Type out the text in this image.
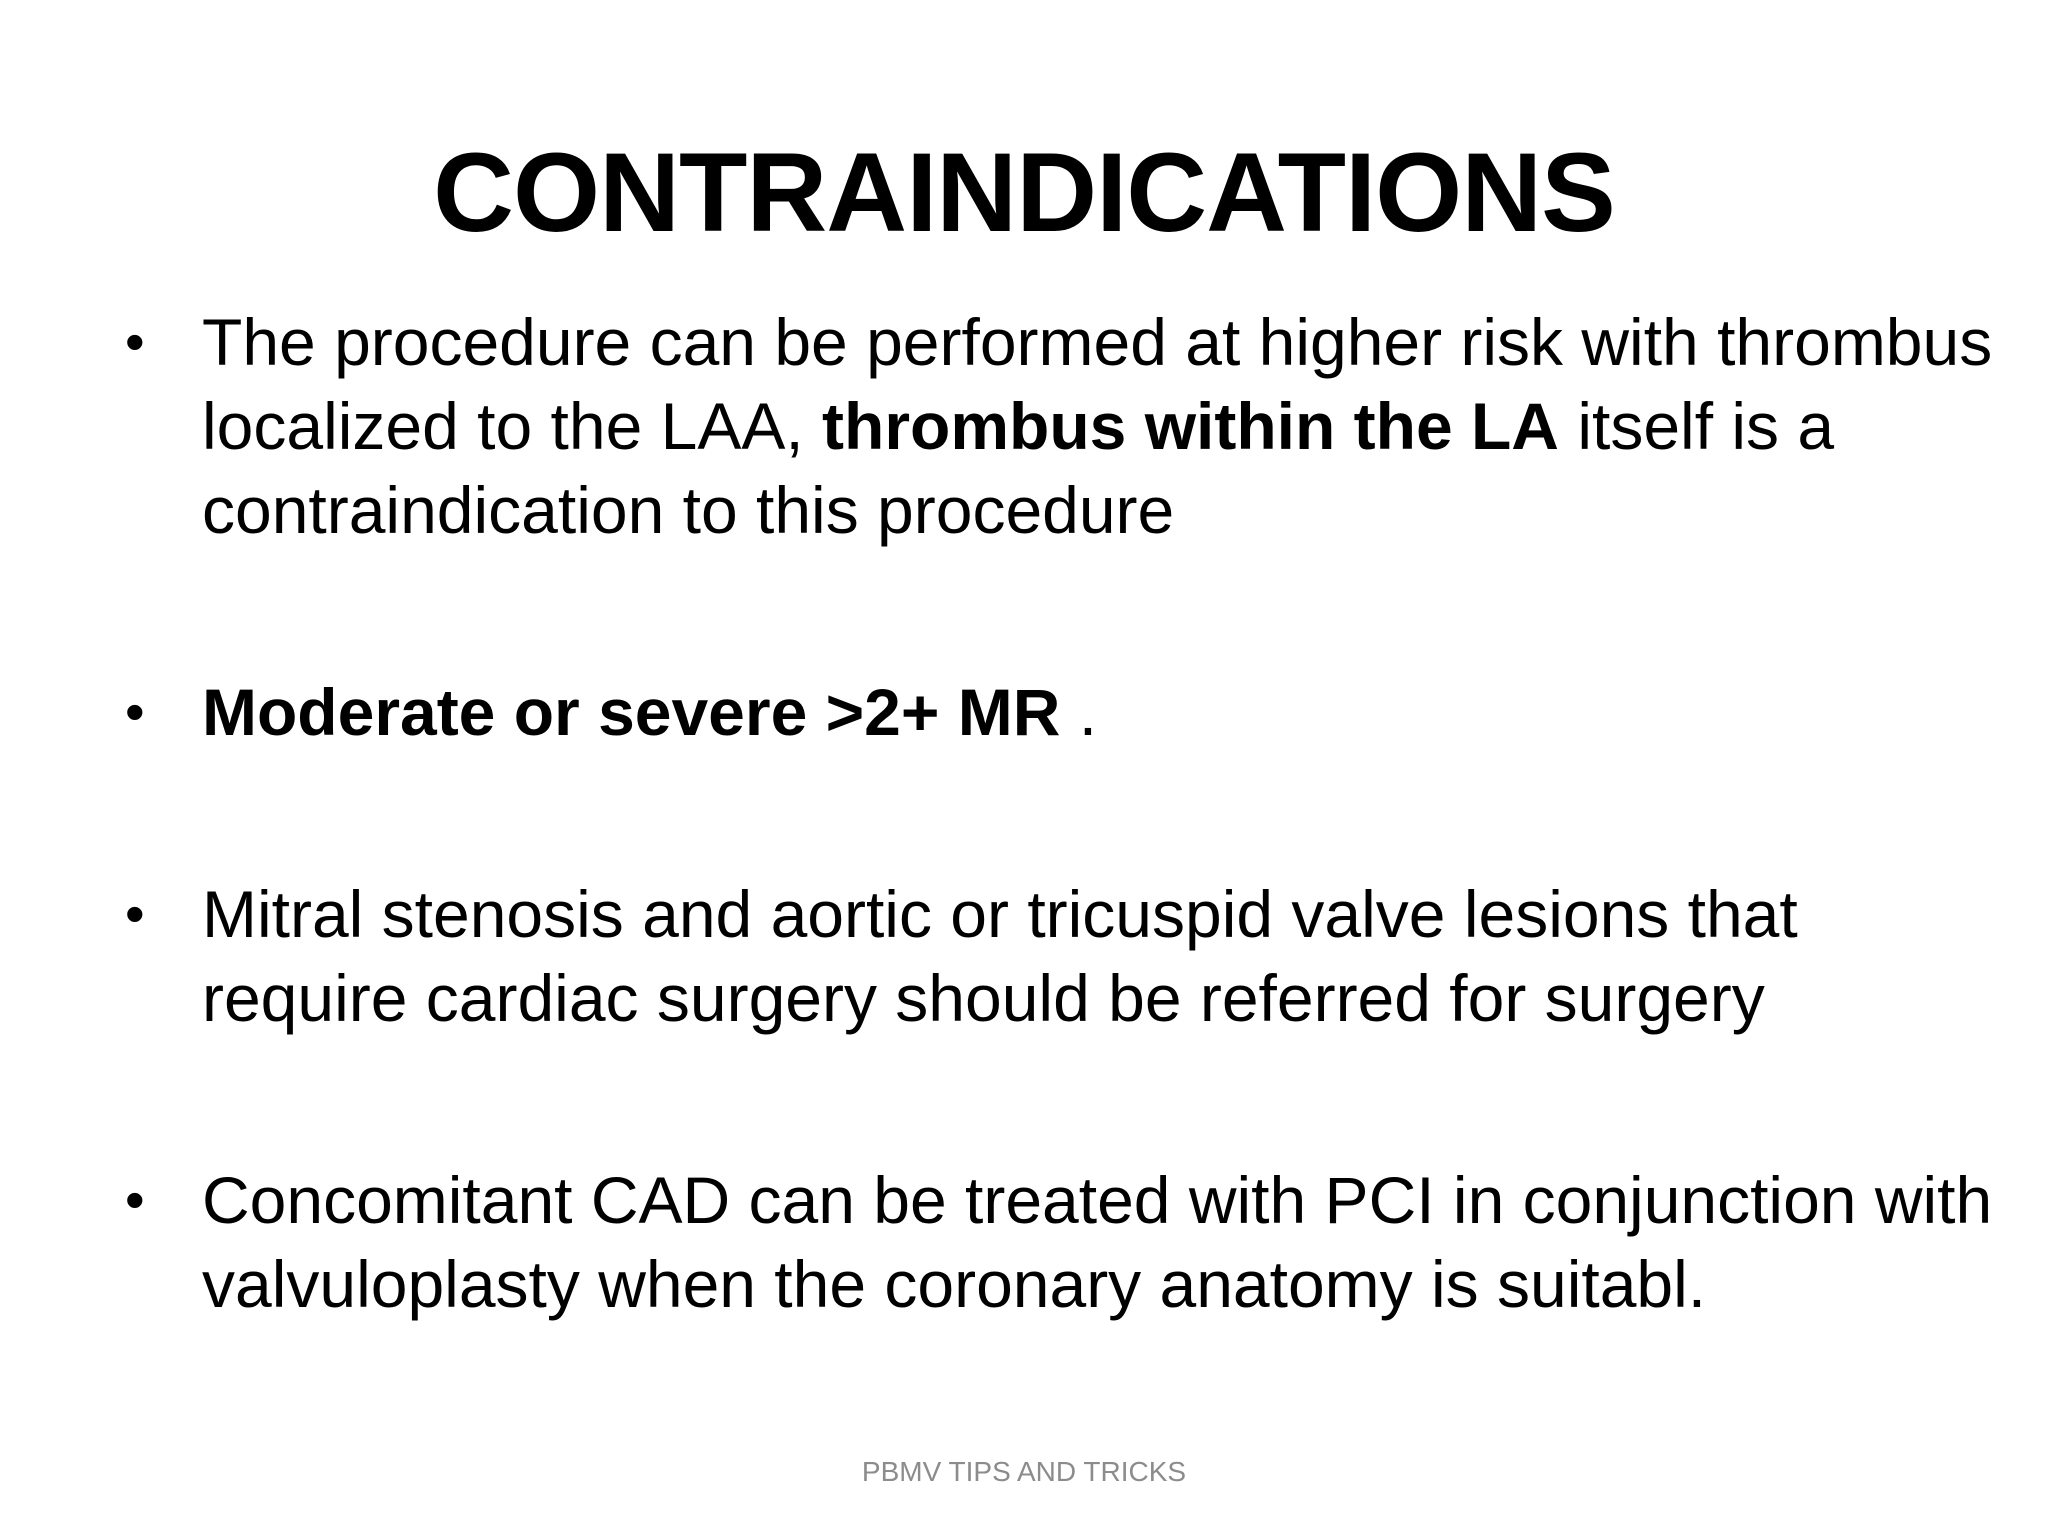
CONTRAINDICATIONS
• The procedure can be performed at higher risk with thrombus localized to the LAA, thrombus within the LA itself is a contraindication to this procedure
• Moderate or severe >2+ MR .
• Mitral stenosis and aortic or tricuspid valve lesions that require cardiac surgery should be referred for surgery
• Concomitant CAD can be treated with PCI in conjunction with valvuloplasty when the coronary anatomy is suitabl.
PBMV TIPS AND TRICKS
